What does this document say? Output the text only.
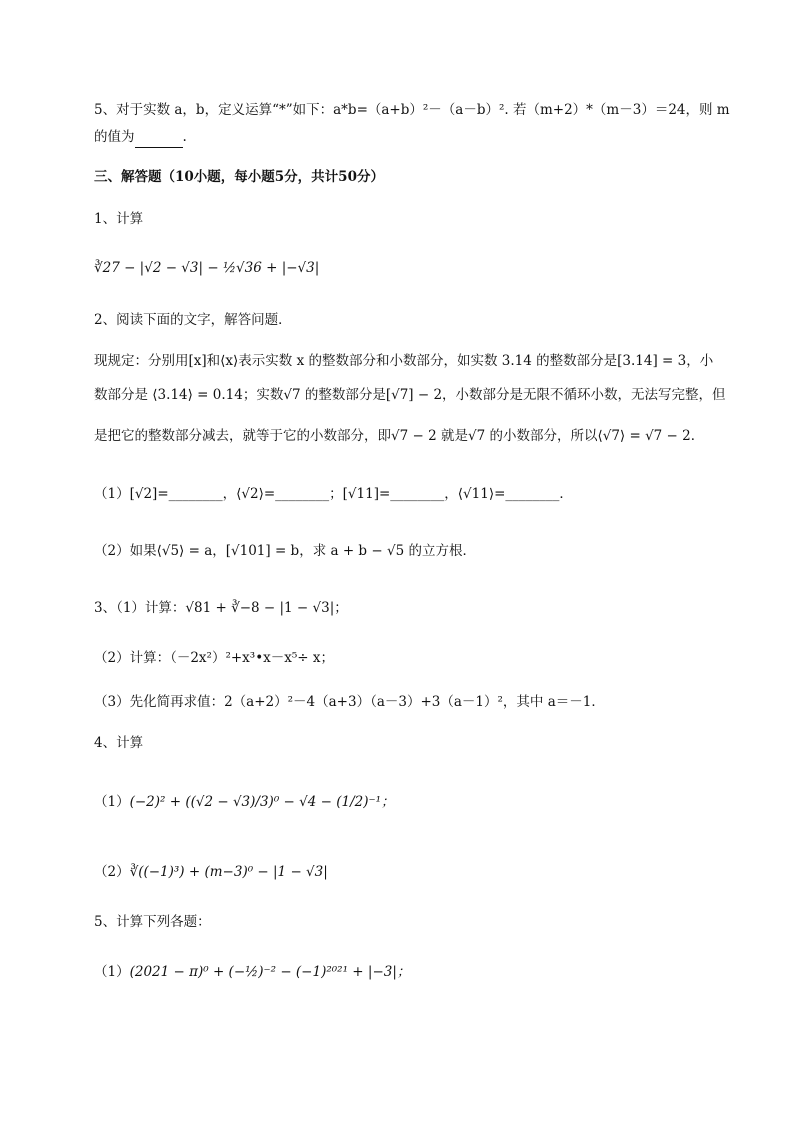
5、对于实数 a，b，定义运算“*”如下：a*b=（a+b）²－（a－b）². 若（m+2）*（m－3）＝24，则 m
的值为	.
三、解答题（10小题，每小题5分，共计50分）
1、计算
∛27 − |√2 − √3| − ½√36 + |−√3|
2、阅读下面的文字，解答问题．
现规定：分别用[x]和⟨x⟩表示实数 x 的整数部分和小数部分，如实数 3.14 的整数部分是[3.14] = 3，小
数部分是 ⟨3.14⟩ = 0.14；实数√7 的整数部分是[√7] − 2，小数部分是无限不循环小数，无法写完整，但
是把它的整数部分减去，就等于它的小数部分，即√7 − 2 就是√7 的小数部分，所以⟨√7⟩ = √7 − 2．
（1）[√2]=________，⟨√2⟩=________；[√11]=________，⟨√11⟩=________．
（2）如果⟨√5⟩ = a，[√101] = b，求 a + b − √5 的立方根．
3、（1）计算：√81 + ∛−8 − |1 − √3|；
（2）计算：（－2x²）²+x³•x－x⁵÷ x；
（3）先化简再求值：2（a+2）²－4（a+3）（a－3）+3（a－1）²，其中 a＝－1．
4、计算
（1）(−2)² + ((√2 − √3)/3)⁰ − √4 − (1/2)⁻¹；
（2）∛((−1)³) + (m−3)⁰ − |1 − √3|
5、计算下列各题：
（1）(2021 − π)⁰ + (−½)⁻² − (−1)²⁰²¹ + |−3|；
